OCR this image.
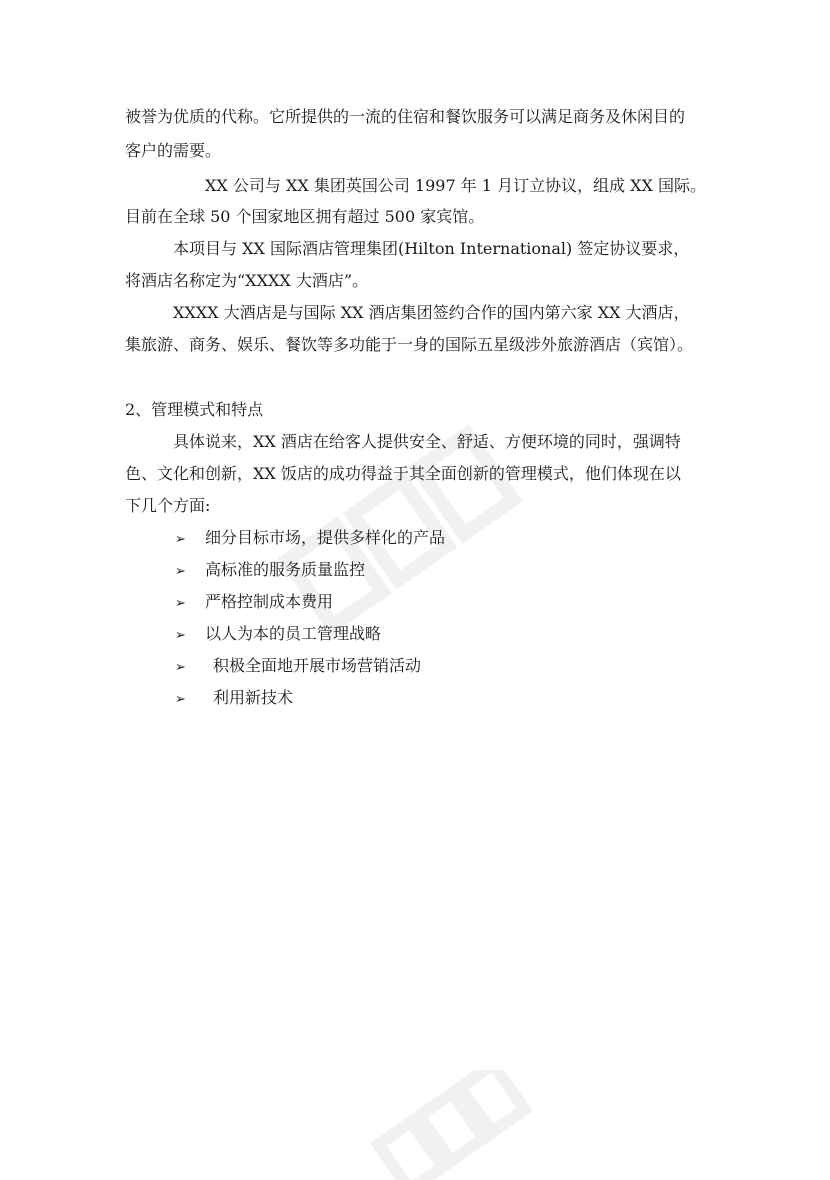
被誉为优质的代称。它所提供的一流的住宿和餐饮服务可以满足商务及休闲目的
客户的需要。
XX 公司与 XX 集团英国公司 1997 年 1 月订立协议，组成 XX 国际。
目前在全球 50 个国家地区拥有超过 500 家宾馆。
本项目与 XX 国际酒店管理集团(Hilton International) 签定协议要求，
将酒店名称定为“XXXX 大酒店”。
XXXX 大酒店是与国际 XX 酒店集团签约合作的国内第六家 XX 大酒店，
集旅游、商务、娱乐、餐饮等多功能于一身的国际五星级涉外旅游酒店（宾馆）。
2、管理模式和特点
具体说来，XX 酒店在给客人提供安全、舒适、方便环境的同时，强调特
色、文化和创新，XX 饭店的成功得益于其全面创新的管理模式，他们体现在以
下几个方面:
➢ 细分目标市场，提供多样化的产品
➢ 高标准的服务质量监控
➢ 严格控制成本费用
➢ 以人为本的员工管理战略
➢ 积极全面地开展市场营销活动
➢ 利用新技术
